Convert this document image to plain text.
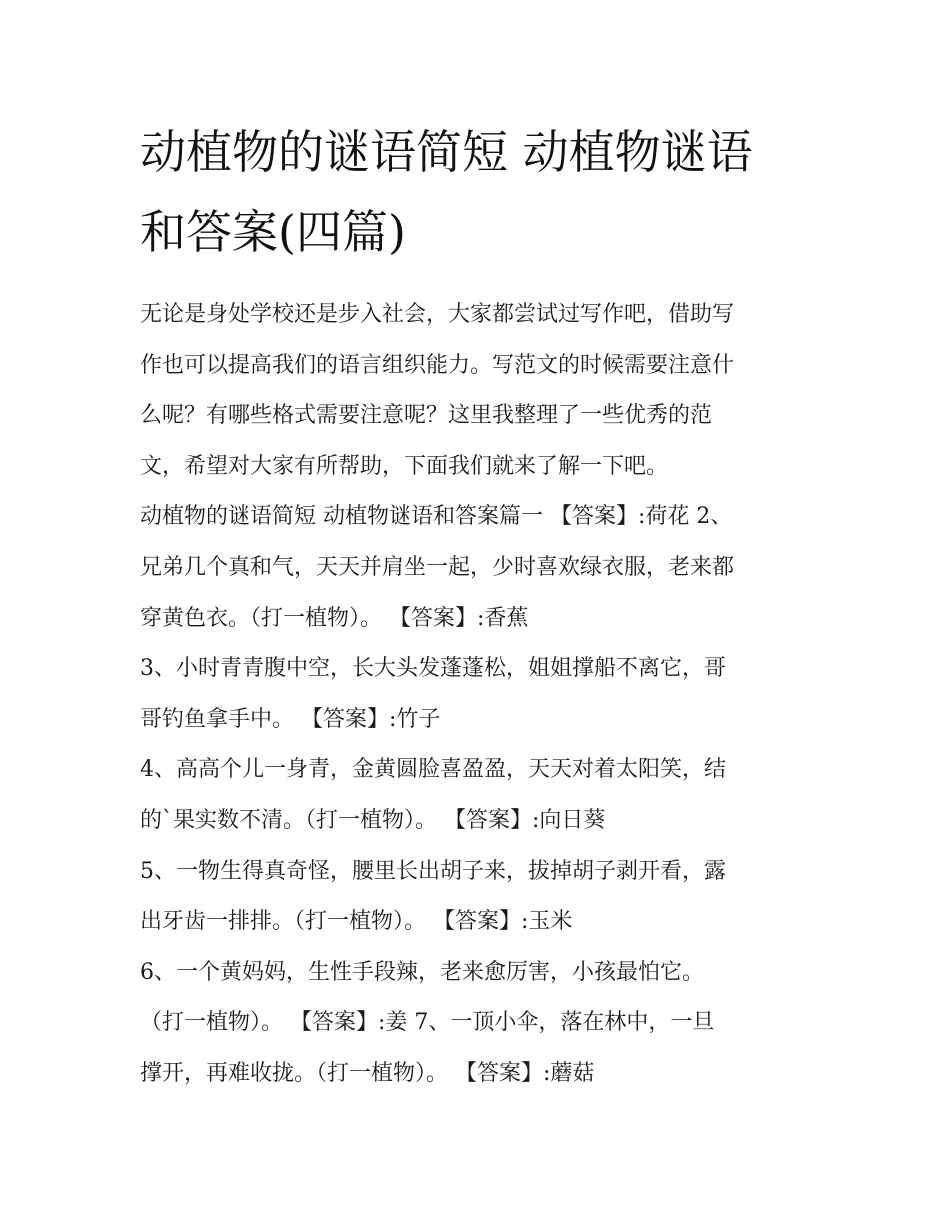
动植物的谜语简短 动植物谜语
和答案(四篇)
无论是身处学校还是步入社会，大家都尝试过写作吧，借助写
作也可以提高我们的语言组织能力。写范文的时候需要注意什
么呢？有哪些格式需要注意呢？这里我整理了一些优秀的范
文，希望对大家有所帮助，下面我们就来了解一下吧。
动植物的谜语简短 动植物谜语和答案篇一 【答案】:荷花 2、
兄弟几个真和气，天天并肩坐一起，少时喜欢绿衣服，老来都
穿黄色衣。（打一植物）。 【答案】:香蕉
3、小时青青腹中空，长大头发蓬蓬松，姐姐撑船不离它，哥
哥钓鱼拿手中。 【答案】:竹子
4、高高个儿一身青，金黄圆脸喜盈盈，天天对着太阳笑，结
的`果实数不清。（打一植物）。 【答案】:向日葵
5、一物生得真奇怪，腰里长出胡子来，拔掉胡子剥开看，露
出牙齿一排排。（打一植物）。 【答案】:玉米
6、一个黄妈妈，生性手段辣，老来愈厉害，小孩最怕它。
（打一植物）。 【答案】:姜 7、一顶小伞，落在林中，一旦
撑开，再难收拢。（打一植物）。 【答案】:蘑菇
